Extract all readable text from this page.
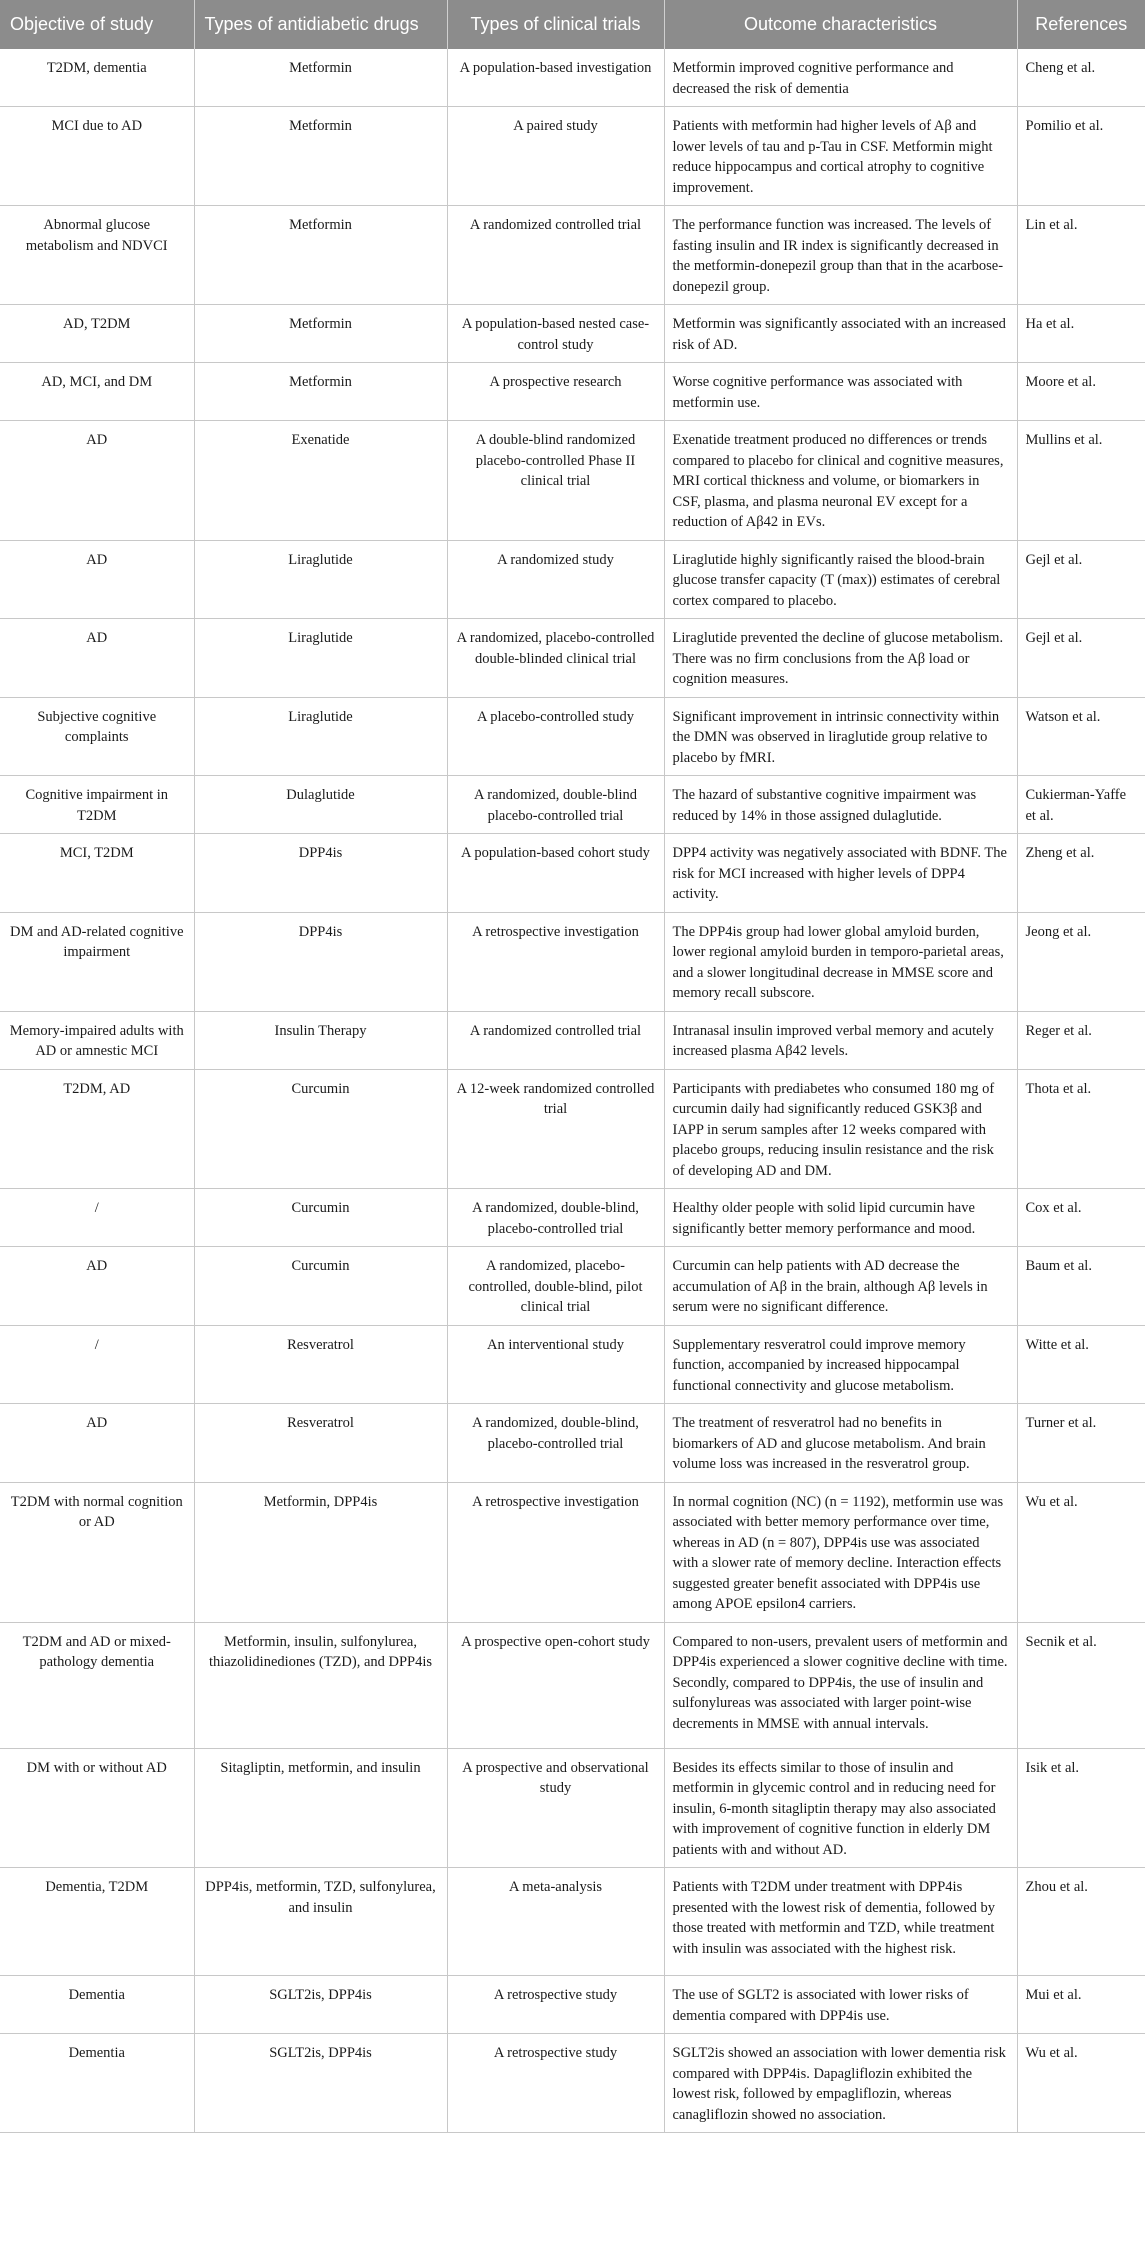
Objective of study	Types of antidiabetic drugs	Types of clinical trials	Outcome characteristics	References
T2DM, dementia	Metformin	A population-based investigation	Metformin improved cognitive performance and decreased the risk of dementia	Cheng et al.
MCI due to AD	Metformin	A paired study	Patients with metformin had higher levels of Aβ and lower levels of tau and p-Tau in CSF. Metformin might reduce hippocampus and cortical atrophy to cognitive improvement.	Pomilio et al.
Abnormal glucose metabolism and NDVCI	Metformin	A randomized controlled trial	The performance function was increased. The levels of fasting insulin and IR index is significantly decreased in the metformin-donepezil group than that in the acarbose-donepezil group.	Lin et al.
AD, T2DM	Metformin	A population-based nested case-control study	Metformin was significantly associated with an increased risk of AD.	Ha et al.
AD, MCI, and DM	Metformin	A prospective research	Worse cognitive performance was associated with metformin use.	Moore et al.
AD	Exenatide	A double-blind randomized placebo-controlled Phase II clinical trial	Exenatide treatment produced no differences or trends compared to placebo for clinical and cognitive measures, MRI cortical thickness and volume, or biomarkers in CSF, plasma, and plasma neuronal EV except for a reduction of Aβ42 in EVs.	Mullins et al.
AD	Liraglutide	A randomized study	Liraglutide highly significantly raised the blood-brain glucose transfer capacity (T (max)) estimates of cerebral cortex compared to placebo.	Gejl et al.
AD	Liraglutide	A randomized, placebo-controlled double-blinded clinical trial	Liraglutide prevented the decline of glucose metabolism. There was no firm conclusions from the Aβ load or cognition measures.	Gejl et al.
Subjective cognitive complaints	Liraglutide	A placebo-controlled study	Significant improvement in intrinsic connectivity within the DMN was observed in liraglutide group relative to placebo by fMRI.	Watson et al.
Cognitive impairment in T2DM	Dulaglutide	A randomized, double-blind placebo-controlled trial	The hazard of substantive cognitive impairment was reduced by 14% in those assigned dulaglutide.	Cukierman-Yaffe et al.
MCI, T2DM	DPP4is	A population-based cohort study	DPP4 activity was negatively associated with BDNF. The risk for MCI increased with higher levels of DPP4 activity.	Zheng et al.
DM and AD-related cognitive impairment	DPP4is	A retrospective investigation	The DPP4is group had lower global amyloid burden, lower regional amyloid burden in temporo-parietal areas, and a slower longitudinal decrease in MMSE score and memory recall subscore.	Jeong et al.
Memory-impaired adults with AD or amnestic MCI	Insulin Therapy	A randomized controlled trial	Intranasal insulin improved verbal memory and acutely increased plasma Aβ42 levels.	Reger et al.
T2DM, AD	Curcumin	A 12-week randomized controlled trial	Participants with prediabetes who consumed 180 mg of curcumin daily had significantly reduced GSK3β and IAPP in serum samples after 12 weeks compared with placebo groups, reducing insulin resistance and the risk of developing AD and DM.	Thota et al.
/	Curcumin	A randomized, double-blind, placebo-controlled trial	Healthy older people with solid lipid curcumin have significantly better memory performance and mood.	Cox et al.
AD	Curcumin	A randomized, placebo-controlled, double-blind, pilot clinical trial	Curcumin can help patients with AD decrease the accumulation of Aβ in the brain, although Aβ levels in serum were no significant difference.	Baum et al.
/	Resveratrol	An interventional study	Supplementary resveratrol could improve memory function, accompanied by increased hippocampal functional connectivity and glucose metabolism.	Witte et al.
AD	Resveratrol	A randomized, double-blind, placebo-controlled trial	The treatment of resveratrol had no benefits in biomarkers of AD and glucose metabolism. And brain volume loss was increased in the resveratrol group.	Turner et al.
T2DM with normal cognition or AD	Metformin, DPP4is	A retrospective investigation	In normal cognition (NC) (n = 1192), metformin use was associated with better memory performance over time, whereas in AD (n = 807), DPP4is use was associated with a slower rate of memory decline. Interaction effects suggested greater benefit associated with DPP4is use among APOE epsilon4 carriers.	Wu et al.
T2DM and AD or mixed-pathology dementia	Metformin, insulin, sulfonylurea, thiazolidinediones (TZD), and DPP4is	A prospective open-cohort study	Compared to non-users, prevalent users of metformin and DPP4is experienced a slower cognitive decline with time. Secondly, compared to DPP4is, the use of insulin and sulfonylureas was associated with larger point-wise decrements in MMSE with annual intervals.	Secnik et al.
DM with or without AD	Sitagliptin, metformin, and insulin	A prospective and observational study	Besides its effects similar to those of insulin and metformin in glycemic control and in reducing need for insulin, 6-month sitagliptin therapy may also associated with improvement of cognitive function in elderly DM patients with and without AD.	Isik et al.
Dementia, T2DM	DPP4is, metformin, TZD, sulfonylurea, and insulin	A meta-analysis	Patients with T2DM under treatment with DPP4is presented with the lowest risk of dementia, followed by those treated with metformin and TZD, while treatment with insulin was associated with the highest risk.	Zhou et al.
Dementia	SGLT2is, DPP4is	A retrospective study	The use of SGLT2 is associated with lower risks of dementia compared with DPP4is use.	Mui et al.
Dementia	SGLT2is, DPP4is	A retrospective study	SGLT2is showed an association with lower dementia risk compared with DPP4is. Dapagliflozin exhibited the lowest risk, followed by empagliflozin, whereas canagliflozin showed no association.	Wu et al.
